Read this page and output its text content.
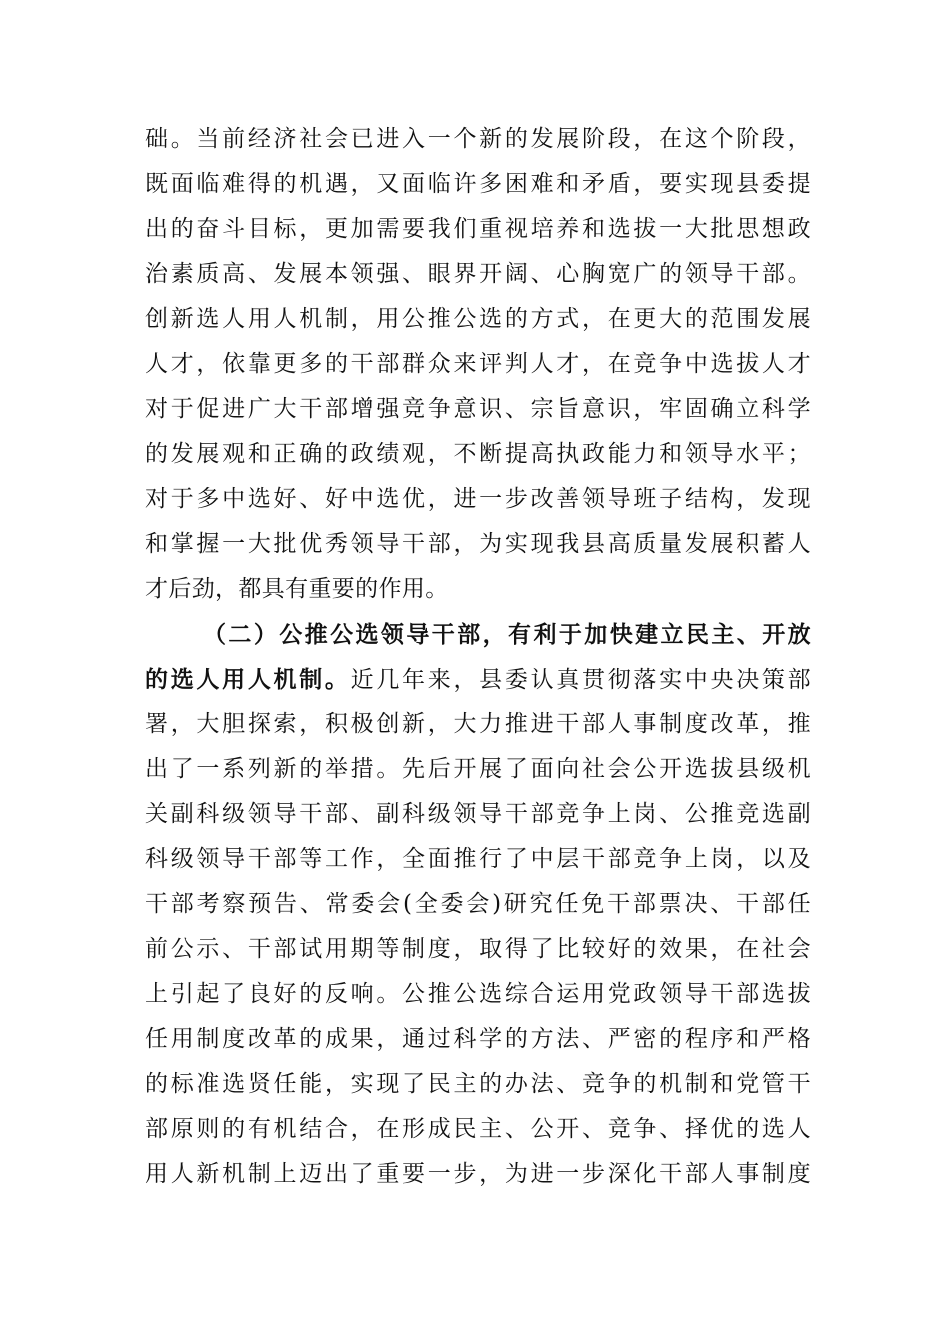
础。当前经济社会已进入一个新的发展阶段，在这个阶段，
既面临难得的机遇，又面临许多困难和矛盾，要实现县委提
出的奋斗目标，更加需要我们重视培养和选拔一大批思想政
治素质高、发展本领强、眼界开阔、心胸宽广的领导干部。
创新选人用人机制，用公推公选的方式，在更大的范围发展
人才，依靠更多的干部群众来评判人才，在竞争中选拔人才
对于促进广大干部增强竞争意识、宗旨意识，牢固确立科学
的发展观和正确的政绩观，不断提高执政能力和领导水平；
对于多中选好、好中选优，进一步改善领导班子结构，发现
和掌握一大批优秀领导干部，为实现我县高质量发展积蓄人
才后劲，都具有重要的作用。
（二）公推公选领导干部，有利于加快建立民主、开放
的选人用人机制。近几年来，县委认真贯彻落实中央决策部
署，大胆探索，积极创新，大力推进干部人事制度改革，推
出了一系列新的举措。先后开展了面向社会公开选拔县级机
关副科级领导干部、副科级领导干部竞争上岗、公推竞选副
科级领导干部等工作，全面推行了中层干部竞争上岗，以及
干部考察预告、常委会(全委会)研究任免干部票决、干部任
前公示、干部试用期等制度，取得了比较好的效果，在社会
上引起了良好的反响。公推公选综合运用党政领导干部选拔
任用制度改革的成果，通过科学的方法、严密的程序和严格
的标准选贤任能，实现了民主的办法、竞争的机制和党管干
部原则的有机结合，在形成民主、公开、竞争、择优的选人
用人新机制上迈出了重要一步，为进一步深化干部人事制度
